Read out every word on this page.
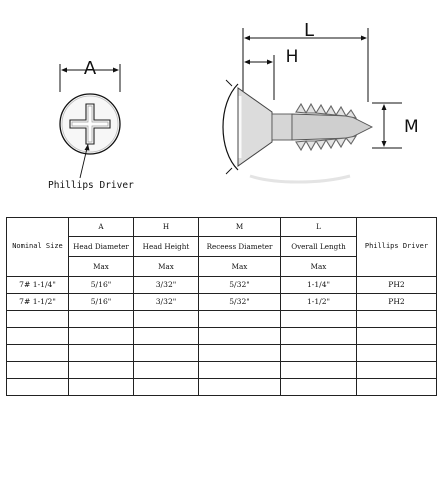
A
Phillips Driver
L
H
M
Nominal Size	A	H	M	L	Phillips Driver
	Head Diameter	Head Height	Receess Diameter	Overall Length	
	Max	Max	Max	Max	
7# 1-1/4"	5/16"	3/32"	5/32"	1-1/4"	PH2
7# 1-1/2"	5/16"	3/32"	5/32"	1-1/2"	PH2
